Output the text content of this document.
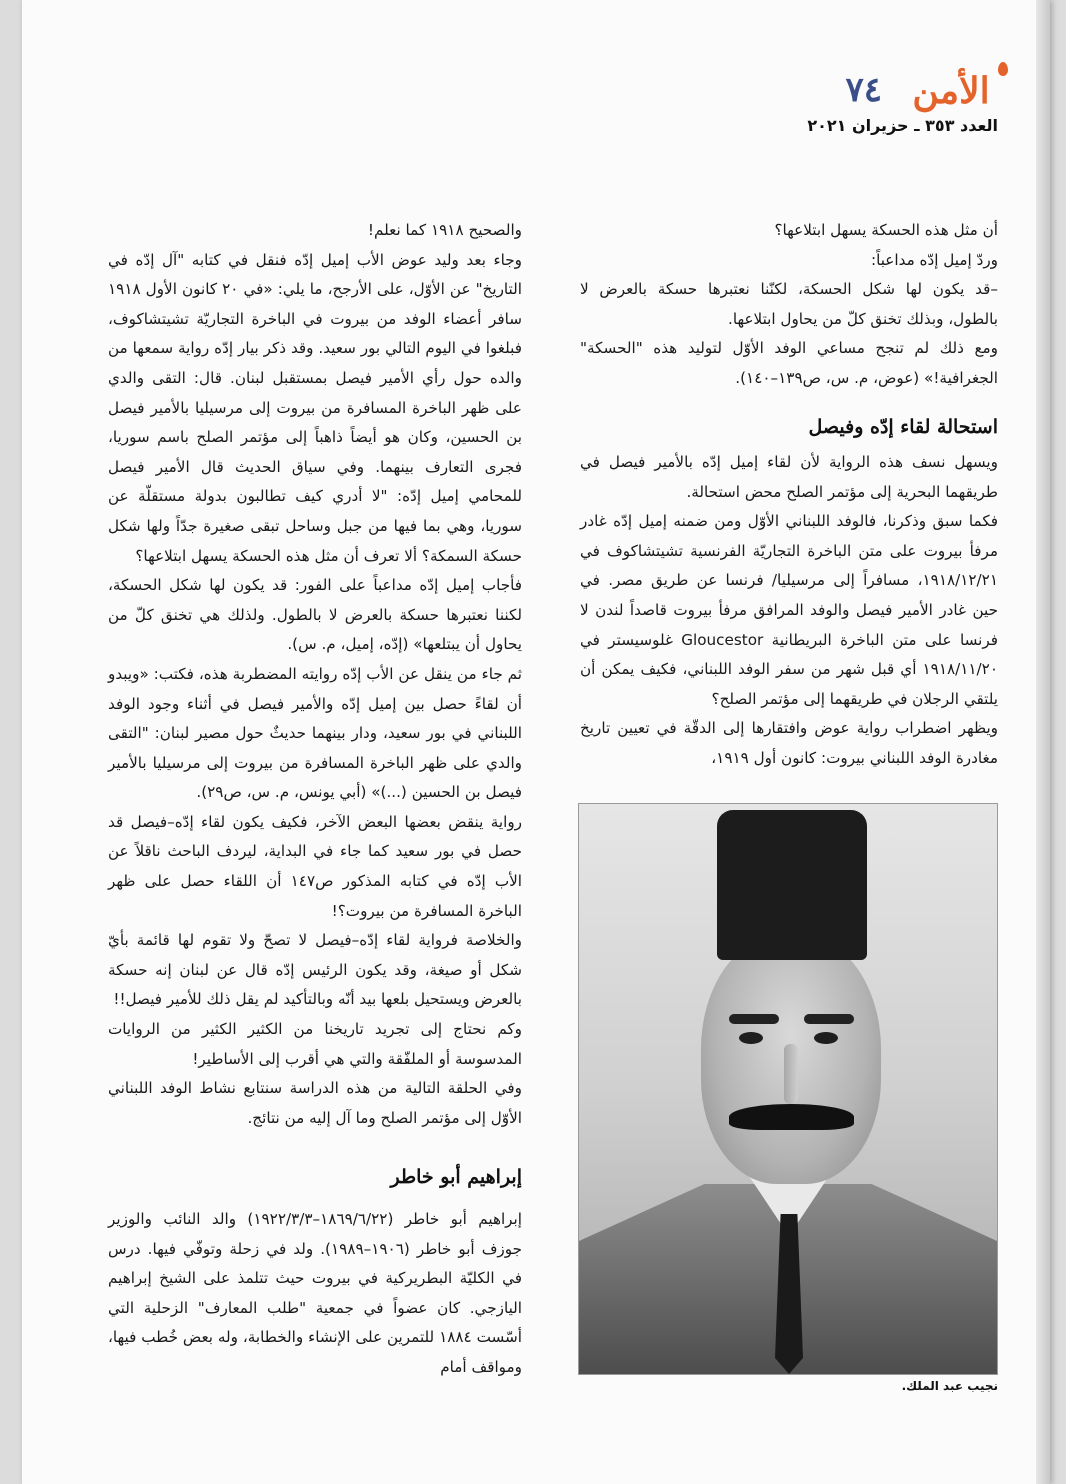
الأمن
٧٤
العدد ٣٥٣ ـ حزيران ٢٠٢١

أن مثل هذه الحسكة يسهل ابتلاعها؟

وردّ إميل إدّه مداعباً:

–قد يكون لها شكل الحسكة، لكنّنا نعتبرها حسكة بالعرض لا بالطول، وبذلك تخنق كلّ من يحاول ابتلاعها.

ومع ذلك لم تنجح مساعي الوفد الأوّل لتوليد هذه "الحسكة" الجغرافية!» (عوض، م. س، ص١٣٩–١٤٠).

استحالة لقاء إدّه وفيصل

ويسهل نسف هذه الرواية لأن لقاء إميل إدّه بالأمير فيصل في طريقهما البحرية إلى مؤتمر الصلح محض استحالة.

فكما سبق وذكرنا، فالوفد اللبناني الأوّل ومن ضمنه إميل إدّه غادر مرفأ بيروت على متن الباخرة التجاريّة الفرنسية تشيتشاكوف في ١٩١٨/١٢/٢١، مسافراً إلى مرسيليا/ فرنسا عن طريق مصر. في حين غادر الأمير فيصل والوفد المرافق مرفأ بيروت قاصداً لندن لا فرنسا على متن الباخرة البريطانية Gloucestor غلوسيستر في ١٩١٨/١١/٢٠ أي قبل شهر من سفر الوفد اللبناني، فكيف يمكن أن يلتقي الرجلان في طريقهما إلى مؤتمر الصلح؟

ويظهر اضطراب رواية عوض وافتقارها إلى الدقّة في تعيين تاريخ مغادرة الوفد اللبناني بيروت: كانون أول ١٩١٩،

نجيب عبد الملك.

والصحيح ١٩١٨ كما نعلم!

وجاء بعد وليد عوض الأب إميل إدّه فنقل في كتابه "آل إدّه في التاريخ" عن الأوّل، على الأرجح، ما يلي: «في ٢٠ كانون الأول ١٩١٨ سافر أعضاء الوفد من بيروت في الباخرة التجاريّة تشيتشاكوف، فبلغوا في اليوم التالي بور سعيد. وقد ذكر بيار إدّه رواية سمعها من والده حول رأي الأمير فيصل بمستقبل لبنان. قال: التقى والدي على ظهر الباخرة المسافرة من بيروت إلى مرسيليا بالأمير فيصل بن الحسين، وكان هو أيضاً ذاهباً إلى مؤتمر الصلح باسم سوريا، فجرى التعارف بينهما. وفي سياق الحديث قال الأمير فيصل للمحامي إميل إدّه: "لا أدري كيف تطالبون بدولة مستقلّة عن سوريا، وهي بما فيها من جبل وساحل تبقى صغيرة جدّاً ولها شكل حسكة السمكة؟ ألا تعرف أن مثل هذه الحسكة يسهل ابتلاعها؟

فأجاب إميل إدّه مداعباً على الفور: قد يكون لها شكل الحسكة، لكننا نعتبرها حسكة بالعرض لا بالطول. ولذلك هي تخنق كلّ من يحاول أن يبتلعها» (إدّه، إميل، م. س).

ثم جاء من ينقل عن الأب إدّه روايته المضطربة هذه، فكتب: «ويبدو أن لقاءً حصل بين إميل إدّه والأمير فيصل في أثناء وجود الوفد اللبناني في بور سعيد، ودار بينهما حديثٌ حول مصير لبنان: "التقى والدي على ظهر الباخرة المسافرة من بيروت إلى مرسيليا بالأمير فيصل بن الحسين (...)» (أبي يونس، م. س، ص٢٩).

رواية ينقض بعضها البعض الآخر، فكيف يكون لقاء إدّه–فيصل قد حصل في بور سعيد كما جاء في البداية، ليردف الباحث ناقلاً عن الأب إدّه في كتابه المذكور ص١٤٧ أن اللقاء حصل على ظهر الباخرة المسافرة من بيروت؟!

والخلاصة فرواية لقاء إدّه–فيصل لا تصحّ ولا تقوم لها قائمة بأيّ شكل أو صيغة، وقد يكون الرئيس إدّه قال عن لبنان إنه حسكة بالعرض ويستحيل بلعها بيد أنّه وبالتأكيد لم يقل ذلك للأمير فيصل!!

وكم نحتاج إلى تجريد تاريخنا من الكثير الكثير من الروايات المدسوسة أو الملفّقة والتي هي أقرب إلى الأساطير!

وفي الحلقة التالية من هذه الدراسة سنتابع نشاط الوفد اللبناني الأوّل إلى مؤتمر الصلح وما آل إليه من نتائج.

إبراهيم أبو خاطر

إبراهيم أبو خاطر (١٨٦٩/٦/٢٢–١٩٢٢/٣/٣) والد النائب والوزير جوزف أبو خاطر (١٩٠٦–١٩٨٩). ولد في زحلة وتوفّي فيها. درس في الكليّة البطريركية في بيروت حيث تتلمذ على الشيخ إبراهيم اليازجي. كان عضواً في جمعية "طلب المعارف" الزحلية التي أسّست ١٨٨٤ للتمرين على الإنشاء والخطابة، وله بعض خُطب فيها، ومواقف أمام
